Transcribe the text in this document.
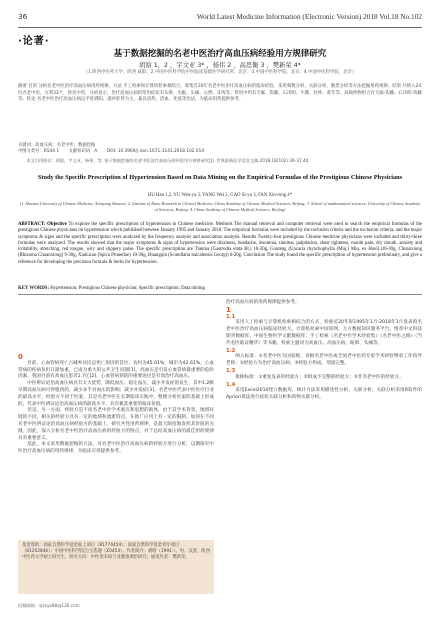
36	World Latest Medicine Information (Electronic Version) 2018 Vol.18 No.102
·论著·
基于数据挖掘的名老中医治疗高血压病经验用方规律研究
胡晗 1，2 ，宇文亚 3* ，杨伟 2 ，高思衡 3 ，樊新荣 4*
（1.陕西中医药大学，陕西 咸阳；2.中国中医科学院中医临床基础医学研究所，北京；3.中国中医科学院，北京；4.中国中医科学院，北京）

摘要 目的 分析名老中医治疗高血压病用药规律。方法 手工检索和计算机检索相结合，收集近20年名老中医治疗高血压病的临床经验，采用频数分析、关联分析、聚类分析等方法挖掘用药规律。结果 共纳入24位名老中医，方剂33个，涉及中药，分析显示，治疗高血压病的常用症状有头晕、失眠、头痛、心悸、耳鸣等；常用中药有天麻、钩藤、石决明、牛膝、杜仲、黄芩等；高频药物组合有天麻-钩藤、石决明-钩藤等。结论 名老中医治疗高血压病以平肝潜阳、滋补肝肾为主，兼以清热、活血、化痰等治法，为临床用药提供参考。

关键词：高血压病；名老中医；数据挖掘
中图分类号：R544.1 文献标识码：A DOI: 10.3969/j.issn.1671-3141.2018.102.014
本文引用格式：胡晗，宇文亚，杨伟，等. 基于数据挖掘的名老中医治疗高血压病经验用方规律研究[J]. 世界最新医学信息文摘,2018,18(102):36-37,40.
Study the Specific Prescription of Hypertension Based on Data Mining on the Empirical Formulas of the Prestigious Chinese Physicians
HU Han 1,2, YU Wen-ya 3, YANG Wei 2, GAO Si-yu 3, FAN Xin-rong 4*
(1. Shaanxi University of Chinese Medicine, Xianyang Shaanxi; 2. Institute of Basic Research in Clinical Medicine, China Academy of Chinese Medical Sciences, Beijing; 3. School of mathematical sciences, University of Chinese Academy of Sciences, Beijing; 4. China Academy of Chinese Medical Sciences, Beijing)
ABSTRACT: Objective To explore the specific prescription of hypertension in Chinese medicine. Methods The manual retrieval and computer retrieval were used to search the empirical formulas of the prestigious Chinese physicians on hypertension which published between January 1995 and January 2018. The empirical formulas were included by the inclusion criteria and the exclusion criteria, and the major symptoms & signs and the specific prescription were analyzed by the frequency analysis and association analysis. Results Twenty-four prestigious Chinese medicine physicians were included and thirty-three formulas were analyzed. The results showed that the major symptoms & signs of hypertension were dizziness, headache, insomnia, tinnitus, palpitation, chest tightness, mouth pain, dry mouth, anxiety and irritability, stretching, red tongue, wiry and slippery pulse. The specific prescription are Tianma (Gastrodia elata Bl.) 10-30g, Gouteng (Uncaria rhynchophylla (Miq.) Miq. ex Havil.)10-30g, Chuanxiong (Rhizoma Chuanxiong) 9-30g, Xiakucao (Spica Prunellae) 10-30g, Huangqin (Scutellaria baicalensis Georgi) 6-20g. Conclusion The study found the specific prescription of hypertension preliminary, and give a reference for developing the precision formula & herbs for hypertension.
KEY WORDS: Hypertension; Prestigious Chinese physician; Specific prescription; Data mining
0

目前，心血管病死亡占城乡居民总死亡原因的首位，农村为45.01%，城市为42.61%，心血管病的疾病负担日渐加重，已成为重大的公共卫生问题[1]。高血压是引发心血管病最重要的危险因素，我国目前有高血压患者2.7亿[2]，心血管病预防的重要途径是有效治疗高血压。

中医辨证论治高血压病具有太大优势，降低血压；稳定血压，减少并发症的发生，其中1.2级早期高血压病可停服西药，减少多半对血压的影响；减少并发症[3]。名老中医代表中医医疗行业的最高水平，经验方不同于医案，其是名老中医在长期临床实践中，整理分析医案的基础上形成的，代表中医辨证论治高血压病的最高水平，具有极其重要的临床价值。

但是，另一方面，经验方是不同名老中医学术观点和思想的载体，由于其学术背景，地域环境的不同，相关的经验方具有一定的地域和流派特点，在推广应用上有一定的限制。如何在不同名老中医辨证论治高血压病经验方的基础上，研究共性用药规律，是最大限度地发挥其价值的关键。因此，深入分析名老中医治疗高血压病的经验方的特点，对于总结高血压病的最佳用药规律具有重要意义。

基此，本文采用数据挖掘的方法，对名老中医治疗高血压病的经验方进行分析，以期探究中医治疗高血压病的用药规律，为临床应用提供参考。

治疗高血压病的用药规律提供参考。

1
1.1

采用人工检索与计算机检索相结合的方式，检索近20年即1995年1月-2018年1月发表的名老中医治疗高血压病临床经验方。计算机检索中国知网、万方数据知识服务平台、维普中文科技期刊数据库、中国生物医学文献数据库；手工检索《名老中医学术经验集》《名老中医之路》《当代名医临证精华》等书籍，检索主题词为高血压、高血压病、眩晕、头痛等。

1.2

纳入标准：①名老中医为国家级、省级名老中医或全国老中医药专家学术经验继承工作指导老师；②经验方为治疗高血压病；③经验方组成、剂量完整。

1.3

排除标准：①重复发表的经验方；②组成不完整的经验方；③非名老中医的经验方。

1.4

采用Excel2010建立数据库，统计方法采用描述性分析、关联分析，关联分析采用R软件的Apriori算法进行症状关联分析和药物关联分析。

基金资助：国家自然科学基金面上项目（81774454）；国家自然科学基金青年项目（81202846）；中国中医科学院自主选题（Z0454）。作者简介：胡晗（1991-），男，汉族，陕西中医药大学硕士研究生，研究方向：中医治未病与亚健康调治研究；通讯作者：樊新荣。
投稿邮箱：sjzxyx88@126.com
